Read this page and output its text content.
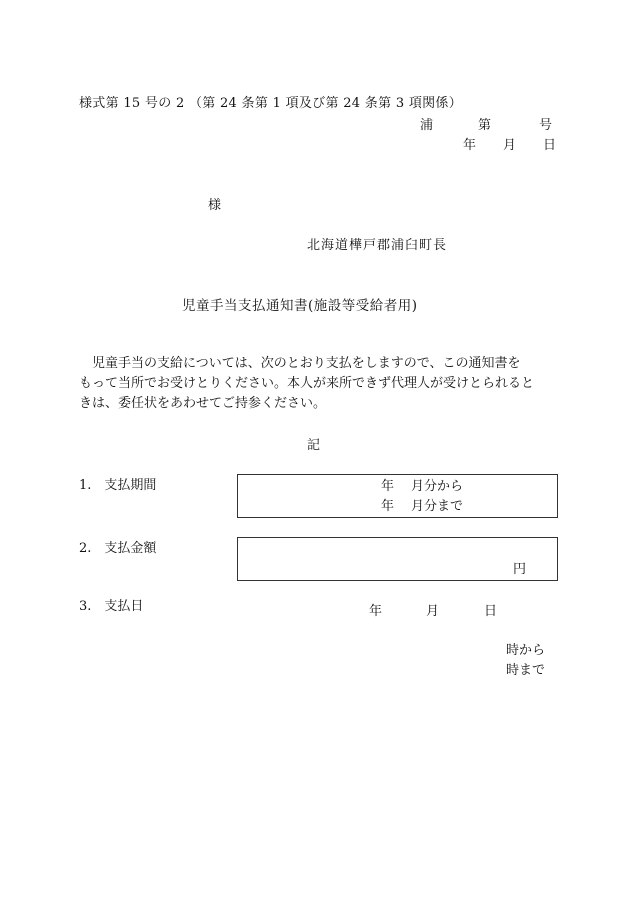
様式第 15 号の 2 （第 24 条第 1 項及び第 24 条第 3 項関係）
浦	第	号
年 月 日
様
北海道樺戸郡浦臼町長
児童手当支払通知書(施設等受給者用)
　児童手当の支給については、次のとおり支払をしますので、この通知書を
もって当所でお受けとりください。本人が来所できず代理人が受けとられると
きは、委任状をあわせてご持参ください。
記
1.　支払期間	年 月分から
年 月分まで
2.　支払金額
円
3.　支払日	年	月	日
時から
時まで
